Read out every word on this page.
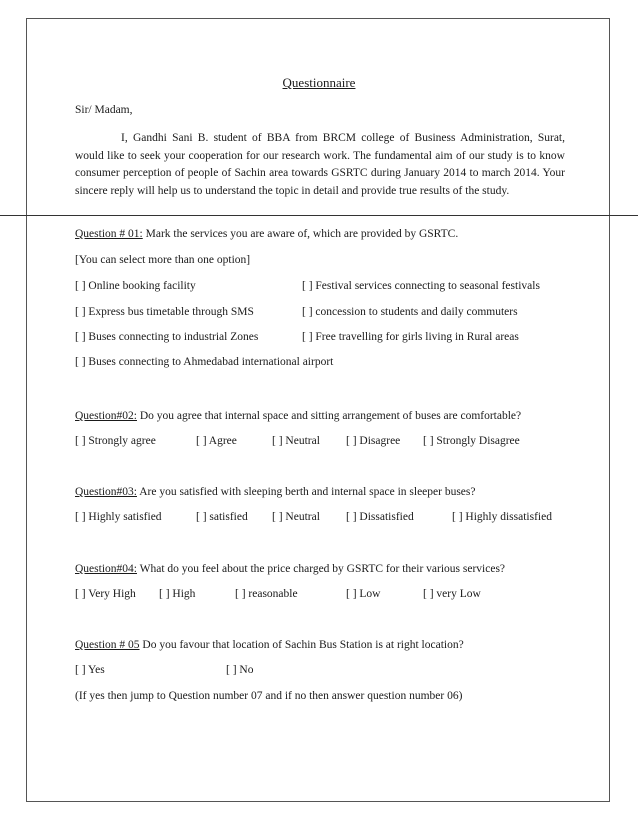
Questionnaire
Sir/ Madam,
I, Gandhi Sani B. student of BBA from BRCM college of Business Administration, Surat, would like to seek your cooperation for our research work. The fundamental aim of our study is to know consumer perception of people of Sachin area towards GSRTC during January 2014 to march 2014. Your sincere reply will help us to understand the topic in detail and provide true results of the study.
Question # 01: Mark the services you are aware of, which are provided by GSRTC.
[You can select more than one option]
[ ] Online booking facility	[ ] Festival services connecting to seasonal festivals
[ ] Express bus timetable through SMS	[ ] concession to students and daily commuters
[ ] Buses connecting to industrial Zones	[ ] Free travelling for girls living in Rural areas
[ ] Buses connecting to Ahmedabad international airport
Question#02: Do you agree that internal space and sitting arrangement of buses are comfortable?
[ ] Strongly agree	[ ] Agree	[ ] Neutral [ ] Disagree [ ] Strongly Disagree
Question#03: Are you satisfied with sleeping berth and internal space in sleeper buses?
[ ] Highly satisfied	[ ] satisfied [ ] Neutral [ ] Dissatisfied	[ ] Highly dissatisfied
Question#04: What do you feel about the price charged by GSRTC for their various services?
[ ] Very High [ ] High	[ ] reasonable	[ ] Low	[ ] very Low
Question # 05 Do you favour that location of Sachin Bus Station is at right location?
[ ] Yes	[ ] No
(If yes then jump to Question number 07 and if no then answer question number 06)
